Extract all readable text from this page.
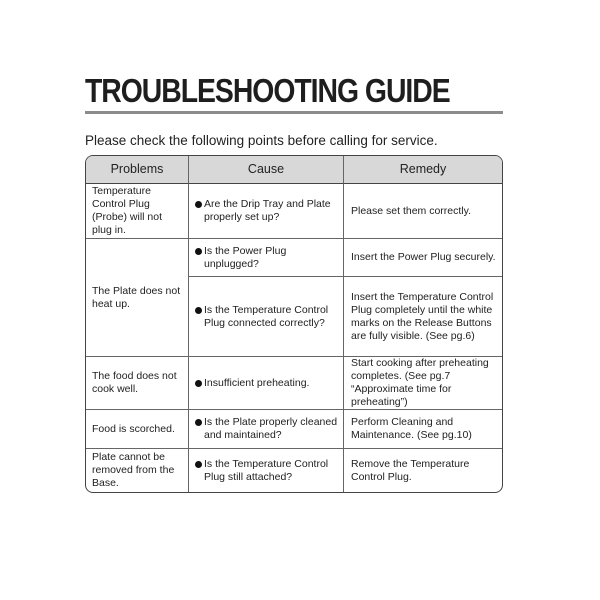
TROUBLESHOOTING GUIDE
Please check the following points before calling for service.
Problems	Cause	Remedy
Temperature Control Plug (Probe) will not plug in.
Are the Drip Tray and Plate properly set up?
Please set them correctly.
The Plate does not heat up.
Is the Power Plug unplugged?
Insert the Power Plug securely.
Is the Temperature Control Plug connected correctly?
Insert the Temperature Control Plug completely until the white marks on the Release Buttons are fully visible. (See pg.6)
The food does not cook well.
Insufficient preheating.
Start cooking after preheating completes. (See pg.7 “Approximate time for preheating”)
Food is scorched.
Is the Plate properly cleaned and maintained?
Perform Cleaning and Maintenance. (See pg.10)
Plate cannot be removed from the Base.
Is the Temperature Control Plug still attached?
Remove the Temperature Control Plug.
